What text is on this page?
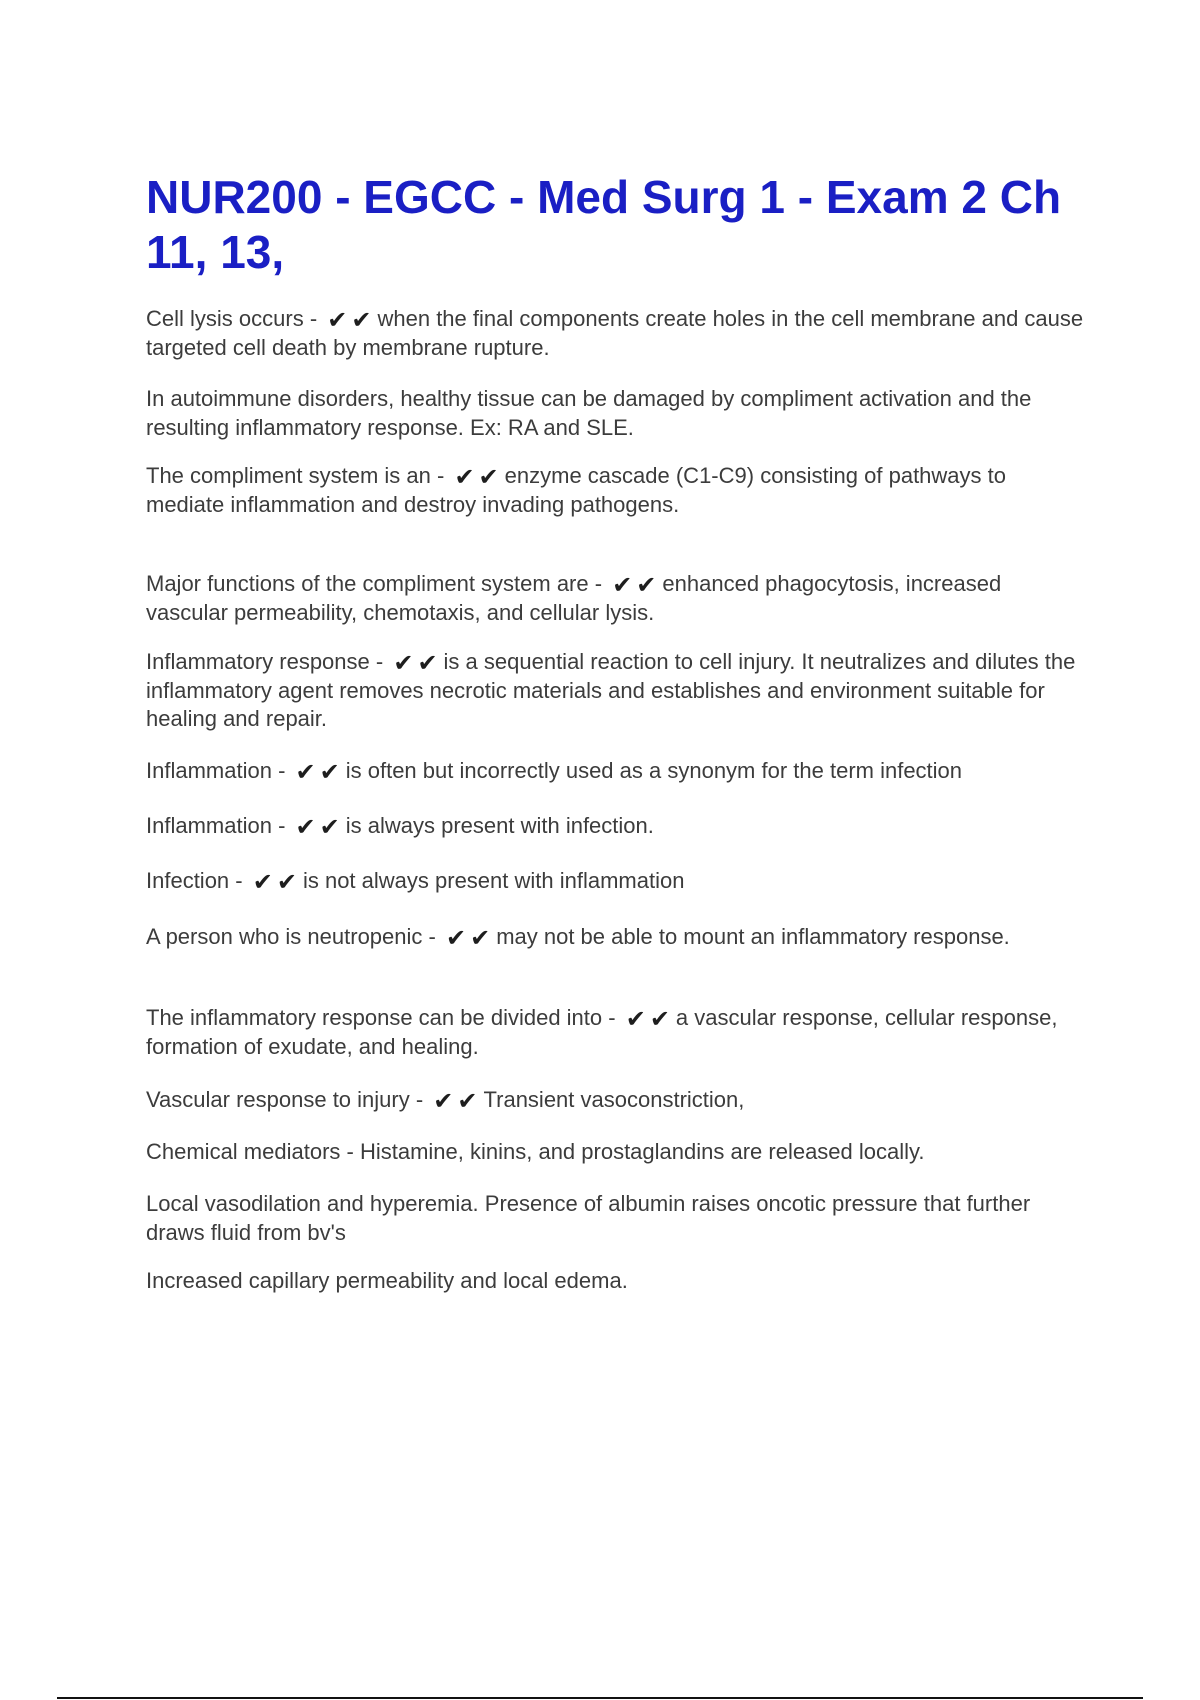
NUR200 - EGCC - Med Surg 1 - Exam 2 Ch 11, 13,

Cell lysis occurs - ✔✔when the final components create holes in the cell membrane and cause targeted cell death by membrane rupture.

In autoimmune disorders, healthy tissue can be damaged by compliment activation and the resulting inflammatory response. Ex: RA and SLE.

The compliment system is an - ✔✔enzyme cascade (C1-C9) consisting of pathways to mediate inflammation and destroy invading pathogens.

Major functions of the compliment system are - ✔✔enhanced phagocytosis, increased vascular permeability, chemotaxis, and cellular lysis.

Inflammatory response - ✔✔is a sequential reaction to cell injury. It neutralizes and dilutes the inflammatory agent removes necrotic materials and establishes and environment suitable for healing and repair.

Inflammation - ✔✔is often but incorrectly used as a synonym for the term infection

Inflammation - ✔✔is always present with infection.

Infection - ✔✔is not always present with inflammation

A person who is neutropenic - ✔✔may not be able to mount an inflammatory response.

The inflammatory response can be divided into - ✔✔a vascular response, cellular response, formation of exudate, and healing.

Vascular response to injury - ✔✔Transient vasoconstriction,

Chemical mediators - Histamine, kinins, and prostaglandins are released locally.

Local vasodilation and hyperemia. Presence of albumin raises oncotic pressure that further draws fluid from bv's

Increased capillary permeability and local edema.
